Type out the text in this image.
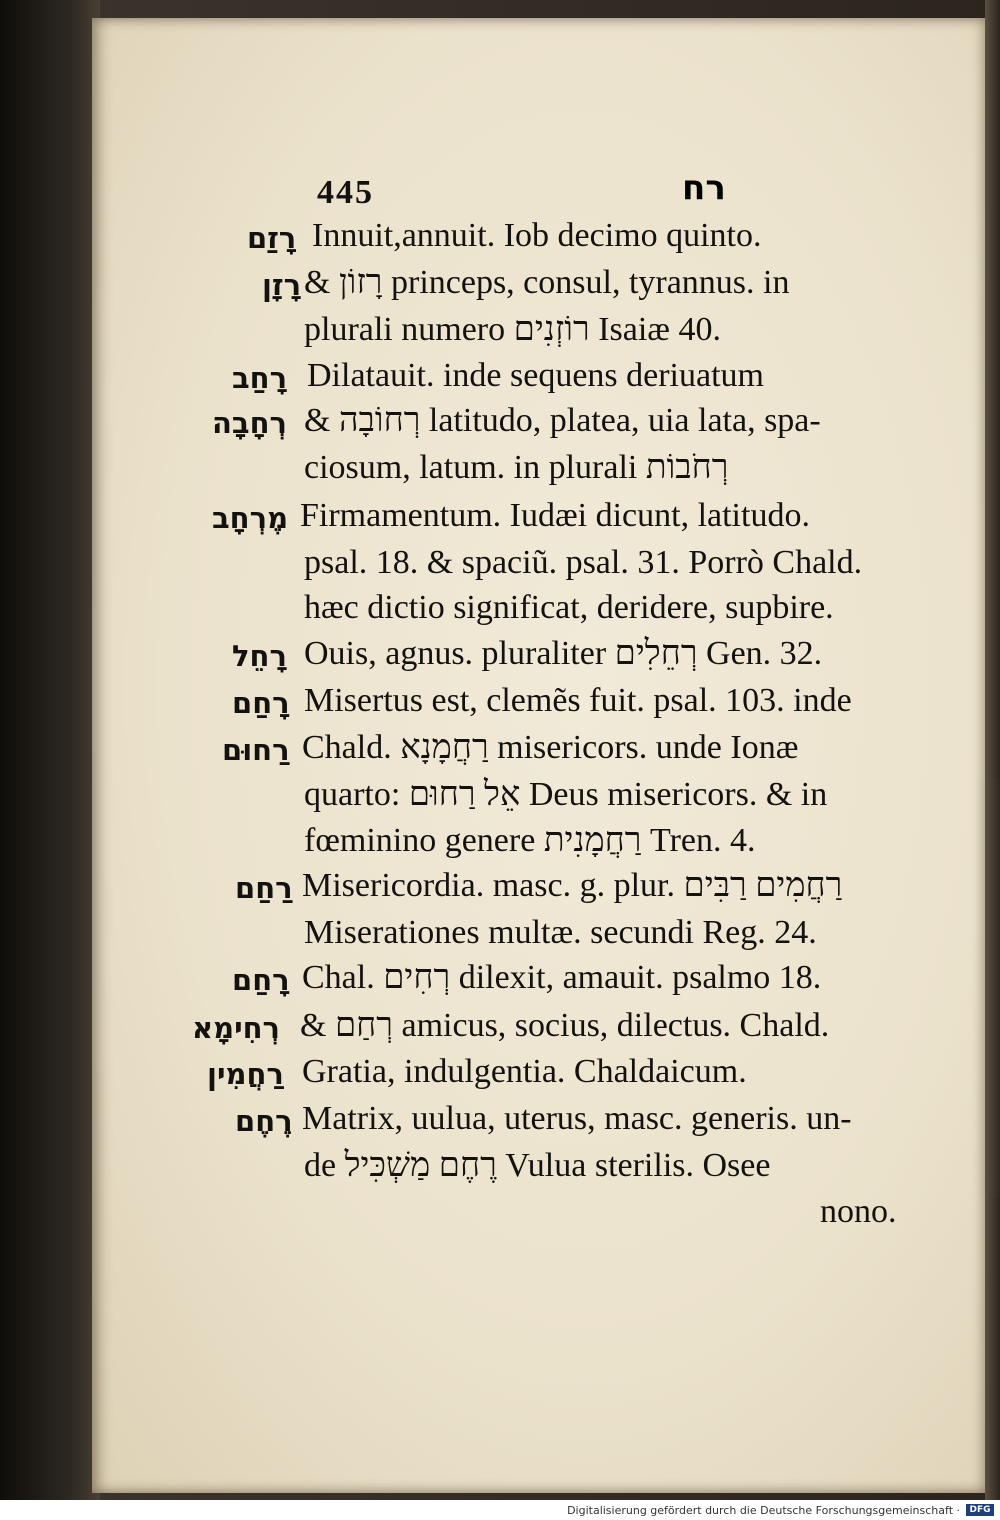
445	רח
רָזַם Innuit,annuit. Iob decimo quinto.
רָזָן & רָזוֹן princeps, consul, tyrannus. in
plurali numero רוֹזְנִים Isaiæ 40.
רָחַב Dilatauit. inde sequens deriuatum
רְחָבָה & רְחוֹבָה latitudo, platea, uia lata, spa-
ciosum, latum. in plurali רְחֹבוֹת
מֶרְחָב Firmamentum. Iudæi dicunt, latitudo.
psal. 18. & spaciũ. psal. 31. Porrò Chald.
hæc dictio significat, deridere, supbire.
רָחֵל Ouis, agnus. pluraliter רְחֵלִים Gen. 32.
רָחַם Misertus est, clemẽs fuit. psal. 103. inde
רַחוּם Chald. רַחֲמָנָא misericors. unde Ionæ
quarto: אֵל רַחוּם Deus misericors. & in
fœminino genere רַחֲמָנִית Tren. 4.
רַחַם Misericordia. masc. g. plur. רַחֲמִים רַבִּים
Miserationes multæ. secundi Reg. 24.
רָחַם Chal. רְחִים dilexit, amauit. psalmo 18.
רְחִימָא & רְחַם amicus, socius, dilectus. Chald.
רַחֲמִין Gratia, indulgentia. Chaldaicum.
רֶחֶם Matrix, uulua, uterus, masc. generis. un-
de רֶחֶם מַשְׁכִּיל Vulua sterilis. Osee
nono.
Digitalisierung gefördert durch die Deutsche Forschungsgemeinschaft ·	DFG
